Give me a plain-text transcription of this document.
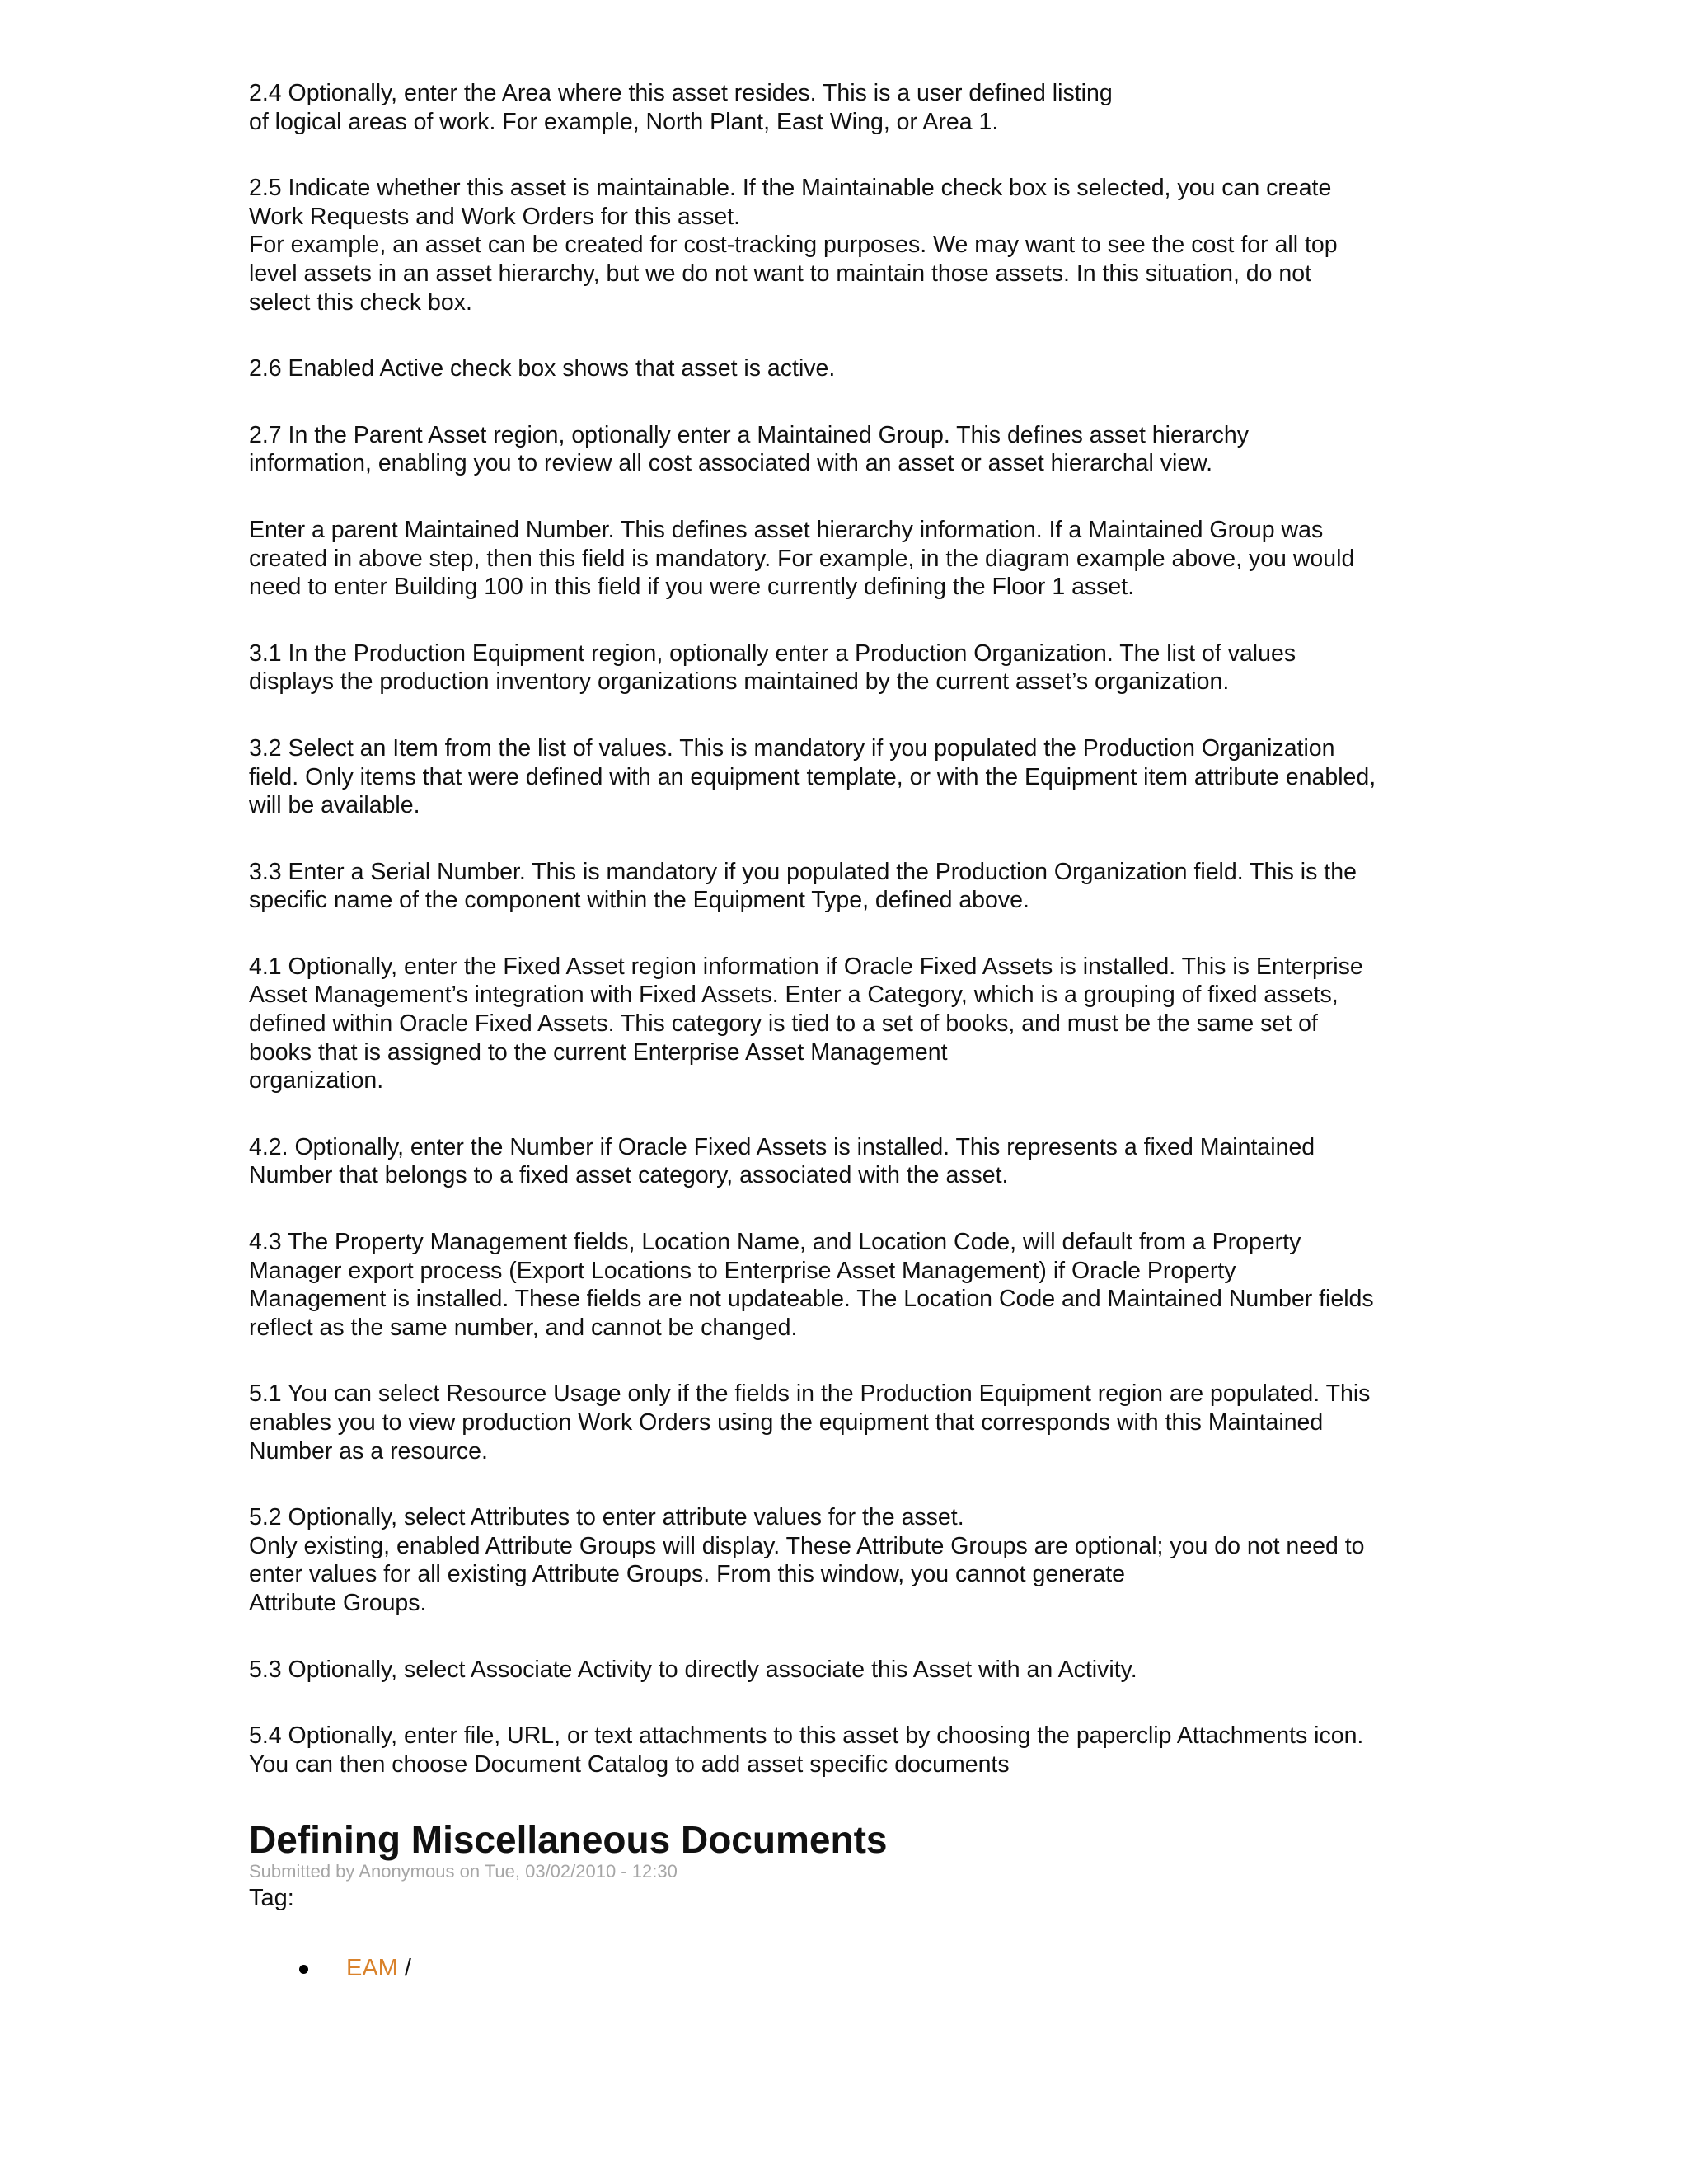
2.4 Optionally, enter the Area where this asset resides. This is a user defined listing
of logical areas of work. For example, North Plant, East Wing, or Area 1.
2.5 Indicate whether this asset is maintainable. If the Maintainable check box is selected, you can create
Work Requests and Work Orders for this asset.
For example, an asset can be created for cost-tracking purposes. We may want to see the cost for all top
level assets in an asset hierarchy, but we do not want to maintain those assets. In this situation, do not
select this check box.
2.6 Enabled Active check box shows that asset is active.
2.7 In the Parent Asset region, optionally enter a Maintained Group. This defines asset hierarchy
information, enabling you to review all cost associated with an asset or asset hierarchal view.
Enter a parent Maintained Number. This defines asset hierarchy information. If a Maintained Group was
created in above step, then this field is mandatory. For example, in the diagram example above, you would
need to enter Building 100 in this field if you were currently defining the Floor 1 asset.
3.1 In the Production Equipment region, optionally enter a Production Organization. The list of values
displays the production inventory organizations maintained by the current asset’s organization.
3.2 Select an Item from the list of values. This is mandatory if you populated the Production Organization
field. Only items that were defined with an equipment template, or with the Equipment item attribute enabled,
will be available.
3.3 Enter a Serial Number. This is mandatory if you populated the Production Organization field. This is the
specific name of the component within the Equipment Type, defined above.
4.1 Optionally, enter the Fixed Asset region information if Oracle Fixed Assets is installed. This is Enterprise
Asset Management’s integration with Fixed Assets. Enter a Category, which is a grouping of fixed assets,
defined within Oracle Fixed Assets. This category is tied to a set of books, and must be the same set of
books that is assigned to the current Enterprise Asset Management
organization.
4.2. Optionally, enter the Number if Oracle Fixed Assets is installed. This represents a fixed Maintained
Number that belongs to a fixed asset category, associated with the asset.
4.3 The Property Management fields, Location Name, and Location Code, will default from a Property
Manager export process (Export Locations to Enterprise Asset Management) if Oracle Property
Management is installed. These fields are not updateable. The Location Code and Maintained Number fields
reflect as the same number, and cannot be changed.
5.1 You can select Resource Usage only if the fields in the Production Equipment region are populated. This
enables you to view production Work Orders using the equipment that corresponds with this Maintained
Number as a resource.
5.2 Optionally, select Attributes to enter attribute values for the asset.
Only existing, enabled Attribute Groups will display. These Attribute Groups are optional; you do not need to
enter values for all existing Attribute Groups. From this window, you cannot generate
Attribute Groups.
5.3 Optionally, select Associate Activity to directly associate this Asset with an Activity.
5.4 Optionally, enter file, URL, or text attachments to this asset by choosing the paperclip Attachments icon.
You can then choose Document Catalog to add asset specific documents
Defining Miscellaneous Documents
Submitted by Anonymous on Tue, 03/02/2010 - 12:30
Tag:
EAM /
